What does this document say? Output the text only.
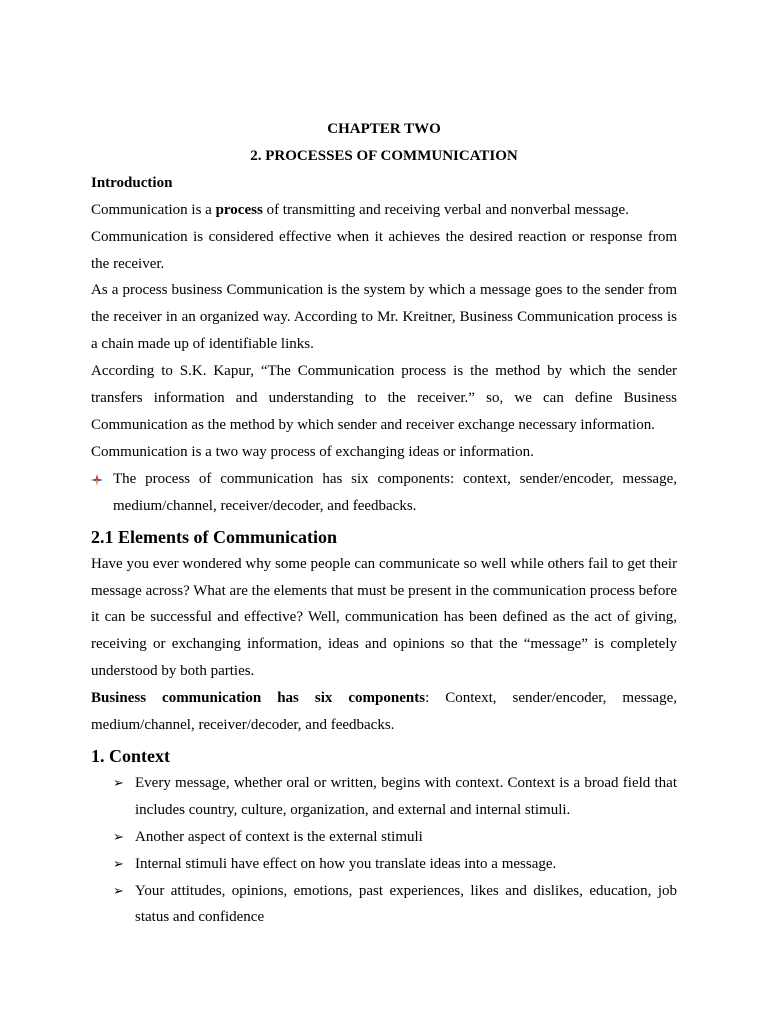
CHAPTER TWO
2. PROCESSES OF COMMUNICATION
Introduction

Communication is a process of transmitting and receiving verbal and nonverbal message.

Communication is considered effective when it achieves the desired reaction or response from the receiver.

As a process business Communication is the system by which a message goes to the sender from the receiver in an organized way. According to Mr. Kreitner, Business Communication process is a chain made up of identifiable links.

According to S.K. Kapur, “The Communication process is the method by which the sender transfers information and understanding to the receiver.” so, we can define Business Communication as the method by which sender and receiver exchange necessary information.

Communication is a two way process of exchanging ideas or information.

The process of communication has six components: context, sender/encoder, message, medium/channel, receiver/decoder, and feedbacks.
2.1 Elements of Communication

Have you ever wondered why some people can communicate so well while others fail to get their message across? What are the elements that must be present in the communication process before it can be successful and effective? Well, communication has been defined as the act of giving, receiving or exchanging information, ideas and opinions so that the “message” is completely understood by both parties.

Business communication has six components: Context, sender/encoder, message, medium/channel, receiver/decoder, and feedbacks.

1. Context
➢ Every message, whether oral or written, begins with context. Context is a broad field that includes country, culture, organization, and external and internal stimuli.
➢ Another aspect of context is the external stimuli
➢ Internal stimuli have effect on how you translate ideas into a message.
➢ Your attitudes, opinions, emotions, past experiences, likes and dislikes, education, job status and confidence
